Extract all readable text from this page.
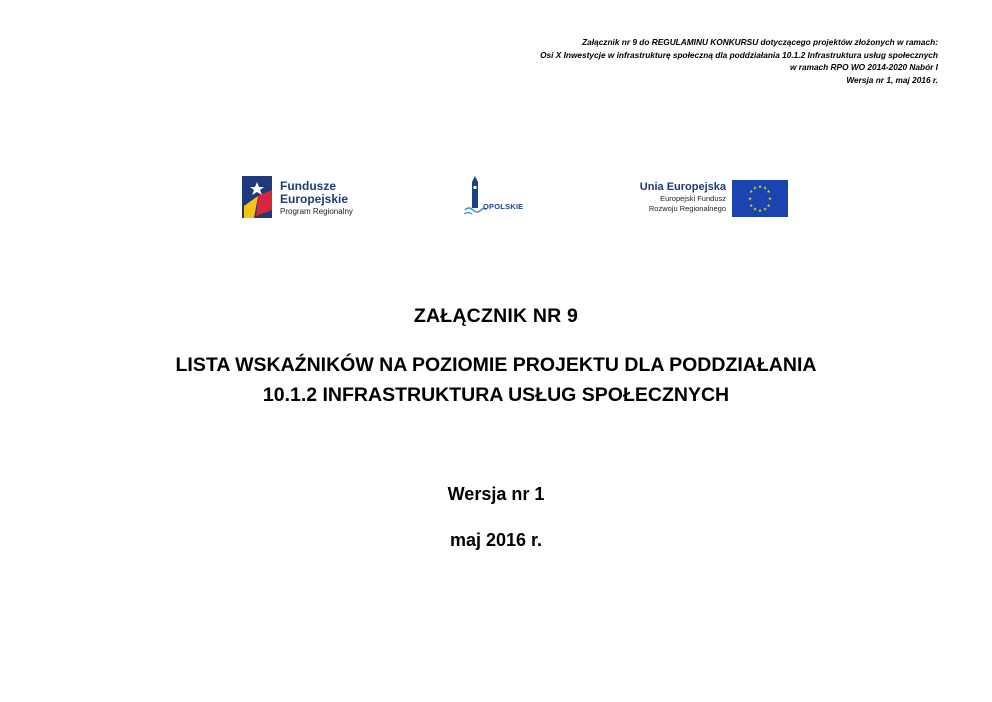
Załącznik nr 9 do REGULAMINU KONKURSU dotyczącego projektów złożonych w ramach:
Osi X Inwestycje w infrastrukturę społeczną dla poddziałania 10.1.2 Infrastruktura usług społecznych
w ramach RPO WO 2014-2020 Nabór I
Wersja nr 1, maj 2016 r.
Fundusze
Europejskie
Program Regionalny
OPOLSKIE
Unia Europejska
Europejski Fundusz
Rozwoju Regionalnego
★ ★
★
★
★
★
★
★
★
★
★
★
ZAŁĄCZNIK NR 9
LISTA WSKAŹNIKÓW NA POZIOMIE PROJEKTU DLA PODDZIAŁANIA
10.1.2 INFRASTRUKTURA USŁUG SPOŁECZNYCH
Wersja nr 1
maj 2016 r.
